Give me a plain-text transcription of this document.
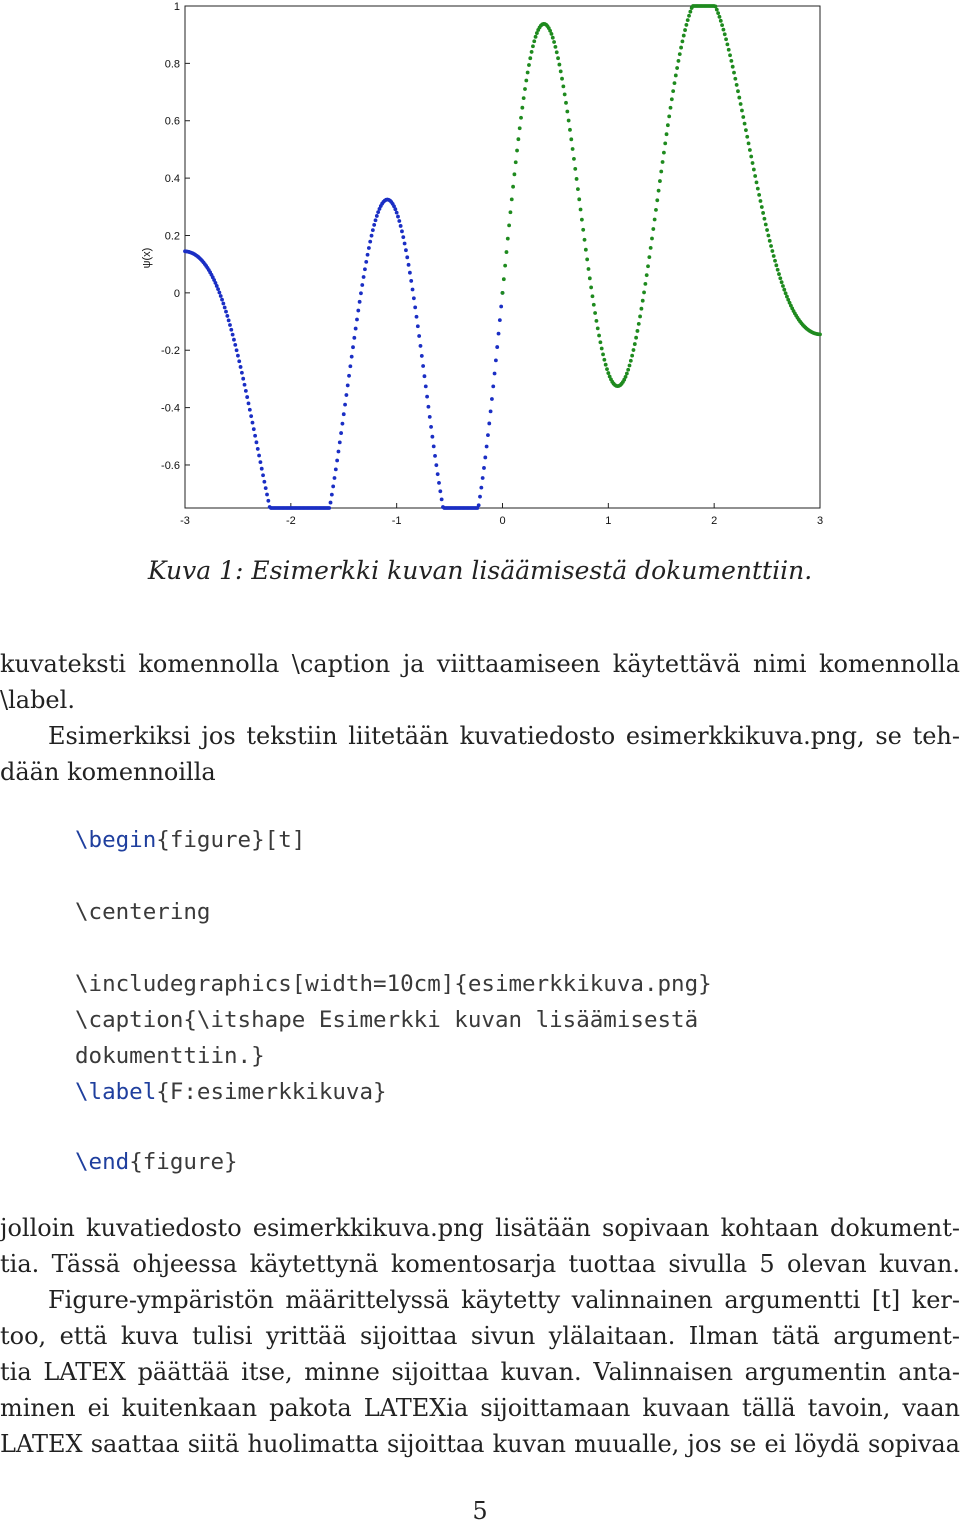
-3	-2	-1	0	1	2	3
1
0.8
0.6
0.4
0.2
0
-0.2
-0.4
-0.6
ψ(x)
Kuva 1: Esimerkki kuvan lisäämisestä dokumenttiin.
kuvateksti komennolla \caption ja viittaamiseen käytettävä nimi komennolla
\label.
Esimerkiksi jos tekstiin liitetään kuvatiedosto esimerkkikuva.png, se teh-
dään komennoilla
\begin{figure}[t]
\centering
\includegraphics[width=10cm]{esimerkkikuva.png}
\caption{\itshape Esimerkki kuvan lisäämisestä
dokumenttiin.}
\label{F:esimerkkikuva}
\end{figure}
jolloin kuvatiedosto esimerkkikuva.png lisätään sopivaan kohtaan dokument-
tia. Tässä ohjeessa käytettynä komentosarja tuottaa sivulla 5 olevan kuvan.
Figure-ympäristön määrittelyssä käytetty valinnainen argumentti [t] ker-
too, että kuva tulisi yrittää sijoittaa sivun ylälaitaan. Ilman tätä argument-
tia LATEX päättää itse, minne sijoittaa kuvan. Valinnaisen argumentin anta-
minen ei kuitenkaan pakota LATEXia sijoittamaan kuvaan tällä tavoin, vaan
LATEX saattaa siitä huolimatta sijoittaa kuvan muualle, jos se ei löydä sopivaa
5
